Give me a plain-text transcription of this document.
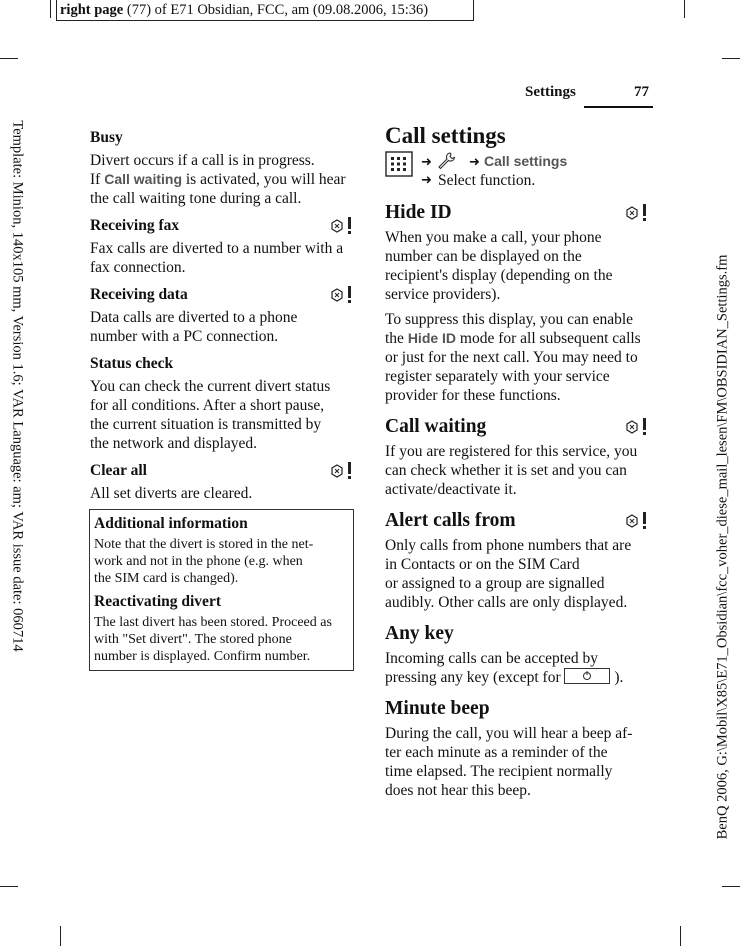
right page (77) of E71 Obsidian, FCC, am (09.08.2006, 15:36)
Template: Minion, 140x105 mm, Version 1.6; VAR Language: am; VAR issue date: 060714	BenQ 2006, G:\Mobil\X85\E71_Obsidian\fcc_voher_diese_mail_lesen\FM\OBSIDIAN_Settings.fm
Settings	77
Busy

Divert occurs if a call is in progress.

If Call waiting is activated, you will hear

the call waiting tone during a call.

Receiving fax

Fax calls are diverted to a number with a

fax connection.

Receiving data

Data calls are diverted to a phone

number with a PC connection.

Status check

You can check the current divert status

for all conditions. After a short pause,

the current situation is transmitted by

the network and displayed.

Clear all

All set diverts are cleared.

Additional information

Note that the divert is stored in the net-

work and not in the phone (e.g. when

the SIM card is changed).

Reactivating divert

The last divert has been stored. Proceed as

with "Set divert". The stored phone

number is displayed. Confirm number.

Call settings
➜	➜ Call settings
➜ Select function.
Hide ID

When you make a call, your phone

number can be displayed on the

recipient's display (depending on the

service providers).

To suppress this display, you can enable

the Hide ID mode for all subsequent calls

or just for the next call. You may need to

register separately with your service

provider for these functions.

Call waiting

If you are registered for this service, you

can check whether it is set and you can

activate/deactivate it.

Alert calls from

Only calls from phone numbers that are

in Contacts or on the SIM Card

or assigned to a group are signalled

audibly. Other calls are only displayed.

Any key

Incoming calls can be accepted by

pressing any key (except for	).

Minute beep

During the call, you will hear a beep af-

ter each minute as a reminder of the

time elapsed. The recipient normally

does not hear this beep.
